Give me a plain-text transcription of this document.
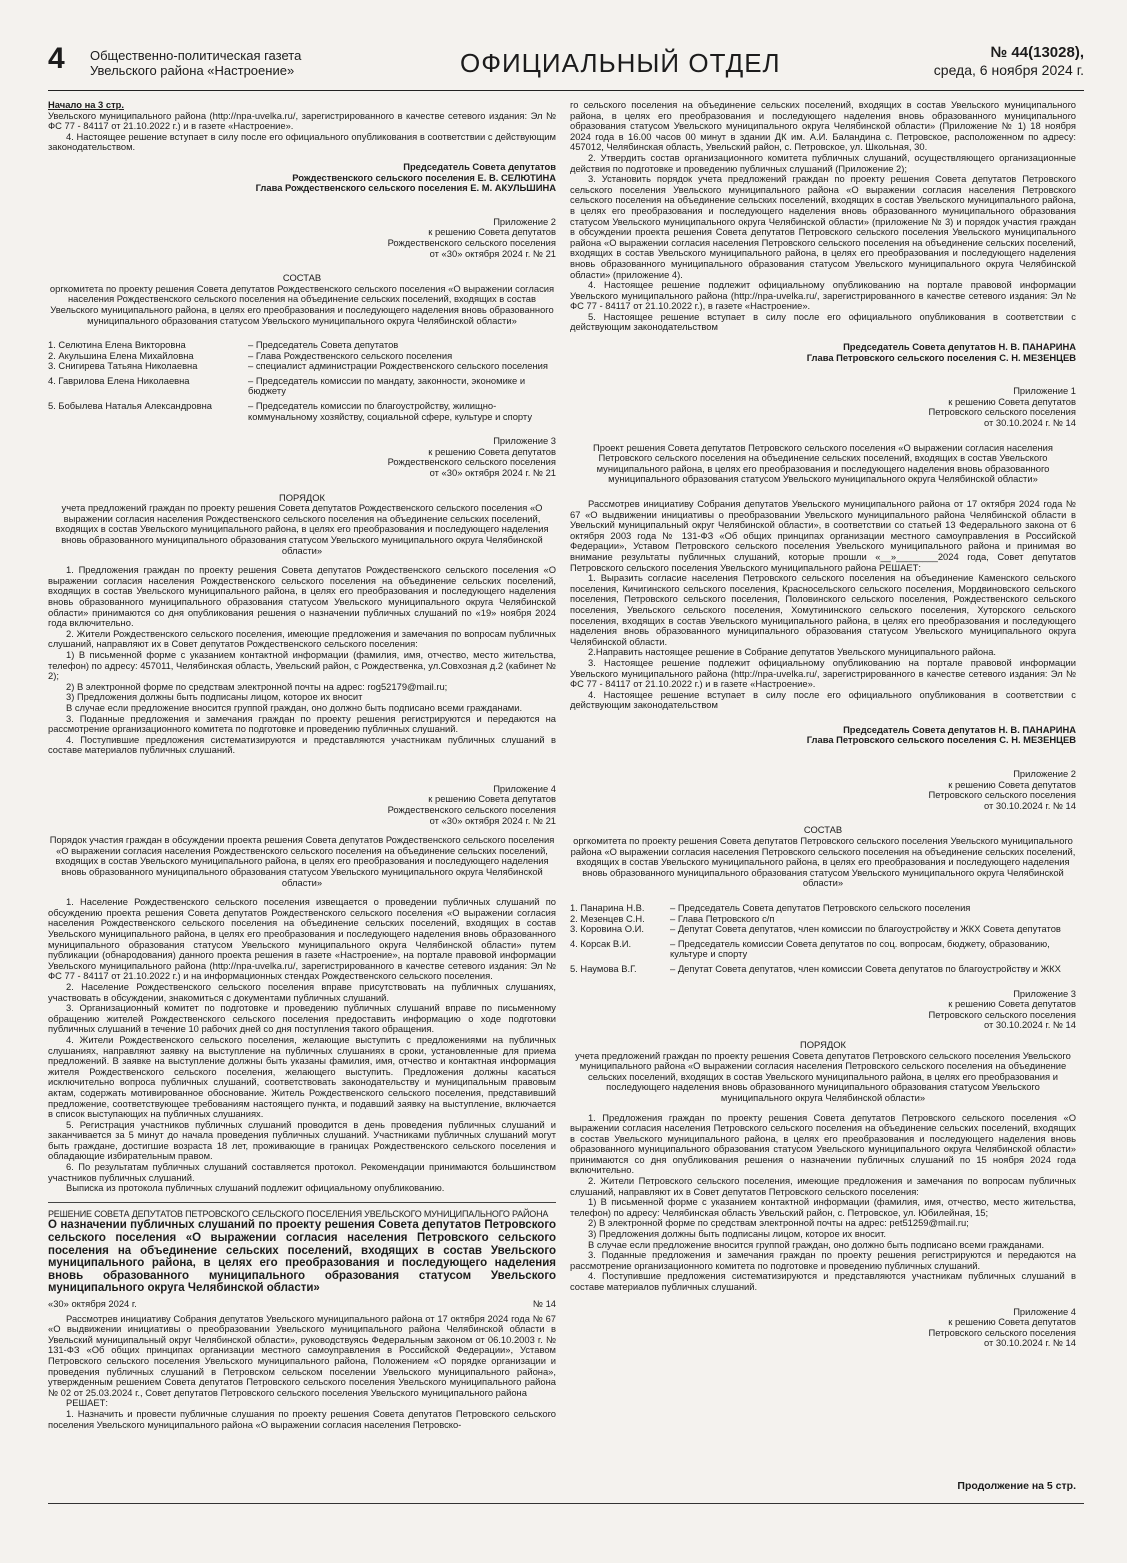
4 Общественно-политическая газета
Увельского района «Настроение»	ОФИЦИАЛЬНЫЙ ОТДЕЛ	№ 44(13028),
среда, 6 ноября 2024 г.

Начало на 3 стр.

Увельского муниципального района (http://npa-uvelka.ru/, зарегистрированного в качестве сетевого издания: Эл № ФС 77 - 84117 от 21.10.2022 г.) и в газете «Настроение».

4. Настоящее решение вступает в силу после его официального опубликования в соответствии с действующим законодательством.

Председатель Совета депутатов

Рождественского сельского поселения Е. В. СЕЛЮТИНА

Глава Рождественского сельского поселения Е. М. АКУЛЬШИНА

Приложение 2

к решению Совета депутатов

Рождественского сельского поселения

от «30» октября 2024 г. № 21

СОСТАВ

оргкомитета по проекту решения Совета депутатов Рождественского сельского поселения «О выражении согласия населения Рождественского сельского поселения на объединение сельских поселений, входящих в состав Увельского муниципального района, в целях его преобразования и последующего наделения вновь образованного муниципального образования статусом Увельского муниципального округа Челябинской области»

1. Селютина Елена Викторовна	– Председатель Совета депутатов
2. Акульшина Елена Михайловна	– Глава Рождественского сельского поселения
3. Снигирева Татьяна Николаевна	– специалист администрации Рождественского сельского поселения
4. Гаврилова Елена Николаевна	– Председатель комиссии по мандату, законности, экономике и бюджету
5. Бобылева Наталья Александровна	– Председатель комиссии по благоустройству, жилищно-коммунальному хозяйству, социальной сфере, культуре и спорту

Приложение 3

к решению Совета депутатов

Рождественского сельского поселения

от «30» октября 2024 г. № 21

ПОРЯДОК

учета предложений граждан по проекту решения Совета депутатов Рождественского сельского поселения «О выражении согласия населения Рождественского сельского поселения на объединение сельских поселений, входящих в состав Увельского муниципального района, в целях его преобразования и последующего наделения вновь образованного муниципального образования статусом Увельского муниципального округа Челябинской области»

1. Предложения граждан по проекту решения Совета депутатов Рождественского сельского поселения «О выражении согласия населения Рождественского сельского поселения на объединение сельских поселений, входящих в состав Увельского муниципального района, в целях его преобразования и последующего наделения вновь образованного муниципального образования статусом Увельского муниципального округа Челябинской области» принимаются со дня опубликования решения о назначении публичных слушаний по «19» ноября 2024 года включительно.

2. Жители Рождественского сельского поселения, имеющие предложения и замечания по вопросам публичных слушаний, направляют их в Совет депутатов Рождественского сельского поселения:

1) В письменной форме с указанием контактной информации (фамилия, имя, отчество, место жительства, телефон) по адресу: 457011, Челябинская область, Увельский район, с Рождественка, ул.Совхозная д.2 (кабинет № 2);

2) В электронной форме по средствам электронной почты на адрес: rog52179@mail.ru;

3) Предложения должны быть подписаны лицом, которое их вносит

В случае если предложение вносится группой граждан, оно должно быть подписано всеми гражданами.

3. Поданные предложения и замечания граждан по проекту решения регистрируются и передаются на рассмотрение организационного комитета по подготовке и проведению публичных слушаний.

4. Поступившие предложения систематизируются и представляются участникам публичных слушаний в составе материалов публичных слушаний.

Приложение 4

к решению Совета депутатов

Рождественского сельского поселения

от «30» октября 2024 г. № 21

Порядок участия граждан в обсуждении проекта решения Совета депутатов Рождественского сельского поселения «О выражении согласия населения Рождественского сельского поселения на объединение сельских поселений, входящих в состав Увельского муниципального района, в целях его преобразования и последующего наделения вновь образованного муниципального образования статусом Увельского муниципального округа Челябинской области»

1. Население Рождественского сельского поселения извещается о проведении публичных слушаний по обсуждению проекта решения Совета депутатов Рождественского сельского поселения «О выражении согласия населения Рождественского сельского поселения на объединение сельских поселений, входящих в состав Увельского муниципального района, в целях его преобразования и последующего наделения вновь образованного муниципального образования статусом Увельского муниципального округа Челябинской области» путем публикации (обнародования) данного проекта решения в газете «Настроение», на портале правовой информации Увельского муниципального района (http://npa-uvelka.ru/, зарегистрированного в качестве сетевого издания: Эл № ФС 77 - 84117 от 21.10.2022 г.) и на информационных стендах Рождественского сельского поселения.

2. Население Рождественского сельского поселения вправе присутствовать на публичных слушаниях, участвовать в обсуждении, знакомиться с документами публичных слушаний.

3. Организационный комитет по подготовке и проведению публичных слушаний вправе по письменному обращению жителей Рождественского сельского поселения предоставить информацию о ходе подготовки публичных слушаний в течение 10 рабочих дней со дня поступления такого обращения.

4. Жители Рождественского сельского поселения, желающие выступить с предложениями на публичных слушаниях, направляют заявку на выступление на публичных слушаниях в сроки, установленные для приема предложений. В заявке на выступление должны быть указаны фамилия, имя, отчество и контактная информация жителя Рождественского сельского поселения, желающего выступить. Предложения должны касаться исключительно вопроса публичных слушаний, соответствовать законодательству и муниципальным правовым актам, содержать мотивированное обоснование. Житель Рождественского сельского поселения, представивший предложение, соответствующее требованиям настоящего пункта, и подавший заявку на выступление, включается в список выступающих на публичных слушаниях.

5. Регистрация участников публичных слушаний проводится в день проведения публичных слушаний и заканчивается за 5 минут до начала проведения публичных слушаний. Участниками публичных слушаний могут быть граждане, достигшие возраста 18 лет, проживающие в границах Рождественского сельского поселения и обладающие избирательным правом.

6. По результатам публичных слушаний составляется протокол. Рекомендации принимаются большинством участников публичных слушаний.

Выписка из протокола публичных слушаний подлежит официальному опубликованию.

РЕШЕНИЕ СОВЕТА ДЕПУТАТОВ ПЕТРОВСКОГО СЕЛЬСКОГО ПОСЕЛЕНИЯ УВЕЛЬСКОГО МУНИЦИПАЛЬНОГО РАЙОНА

О назначении публичных слушаний по проекту решения Совета депутатов Петровского сельского поселения «О выражении согласия населения Петровского сельского поселения на объединение сельских поселений, входящих в состав Увельского муниципального района, в целях его преобразования и последующего наделения вновь образованного муниципального образования статусом Увельского муниципального округа Челябинской области»

«30» октября 2024 г.	№ 14

Рассмотрев инициативу Собрания депутатов Увельского муниципального района от 17 октября 2024 года № 67 «О выдвижении инициативы о преобразовании Увельского муниципального района Челябинской области в Увельский муниципальный округ Челябинской области», руководствуясь Федеральным законом от 06.10.2003 г. № 131-ФЗ «Об общих принципах организации местного самоуправления в Российской Федерации», Уставом Петровского сельского поселения Увельского муниципального района, Положением «О порядке организации и проведения публичных слушаний в Петровском сельском поселении Увельского муниципального района», утвержденным решением Совета депутатов Петровского сельского поселения Увельского муниципального района № 02 от 25.03.2024 г., Совет депутатов Петровского сельского поселения Увельского муниципального района

РЕШАЕТ:

1. Назначить и провести публичные слушания по проекту решения Совета депутатов Петровского сельского поселения Увельского муниципального района «О выражении согласия населения Петровско-

го сельского поселения на объединение сельских поселений, входящих в состав Увельского муниципального района, в целях его преобразования и последующего наделения вновь образованного муниципального образования статусом Увельского муниципального округа Челябинской области» (Приложение № 1) 18 ноября 2024 года в 16.00 часов 00 минут в здании ДК им. А.И. Баландина с. Петровское, расположенном по адресу: 457012, Челябинская область, Увельский район, с. Петровское, ул. Школьная, 30.

2. Утвердить состав организационного комитета публичных слушаний, осуществляющего организационные действия по подготовке и проведению публичных слушаний (Приложение 2);

3. Установить порядок учета предложений граждан по проекту решения Совета депутатов Петровского сельского поселения Увельского муниципального района «О выражении согласия населения Петровского сельского поселения на объединение сельских поселений, входящих в состав Увельского муниципального района, в целях его преобразования и последующего наделения вновь образованного муниципального образования статусом Увельского муниципального округа Челябинской области» (приложение № 3) и порядок участия граждан в обсуждении проекта решения Совета депутатов Петровского сельского поселения Увельского муниципального района «О выражении согласия населения Петровского сельского поселения на объединение сельских поселений, входящих в состав Увельского муниципального района, в целях его преобразования и последующего наделения вновь образованного муниципального образования статусом Увельского муниципального округа Челябинской области» (приложение 4).

4. Настоящее решение подлежит официальному опубликованию на портале правовой информации Увельского муниципального района (http://npa-uvelka.ru/, зарегистрированного в качестве сетевого издания: Эл № ФС 77 - 84117 от 21.10.2022 г.), в газете «Настроение».

5. Настоящее решение вступает в силу после его официального опубликования в соответствии с действующим законодательством

Председатель Совета депутатов Н. В. ПАНАРИНА

Глава Петровского сельского поселения С. Н. МЕЗЕНЦЕВ

Приложение 1

к решению Совета депутатов

Петровского сельского поселения

от 30.10.2024 г. № 14

Проект решения Совета депутатов Петровского сельского поселения «О выражении согласия населения Петровского сельского поселения на объединение сельских поселений, входящих в состав Увельского муниципального района, в целях его преобразования и последующего наделения вновь образованного муниципального образования статусом Увельского муниципального округа Челябинской области»

Рассмотрев инициативу Собрания депутатов Увельского муниципального района от 17 октября 2024 года № 67 «О выдвижении инициативы о преобразовании Увельского муниципального района Челябинской области в Увельский муниципальный округ Челябинской области», в соответствии со статьей 13 Федерального закона от 6 октября 2003 года № 131-ФЗ «Об общих принципах организации местного самоуправления в Российской Федерации», Уставом Петровского сельского поселения Увельского муниципального района и принимая во внимание результаты публичных слушаний, которые прошли «__»________2024 года, Совет депутатов Петровского сельского поселения Увельского муниципального района РЕШАЕТ:

1. Выразить согласие населения Петровского сельского поселения на объединение Каменского сельского поселения, Кичигинского сельского поселения, Красносельского сельского поселения, Мордвиновского сельского поселения, Петровского сельского поселения, Половинского сельского поселения, Рождественского сельского поселения, Увельского сельского поселения, Хомутининского сельского поселения, Хуторского сельского поселения, входящих в состав Увельского муниципального района, в целях его преобразования и последующего наделения вновь образованного муниципального образования статусом Увельского муниципального округа Челябинской области.

2.Направить настоящее решение в Собрание депутатов Увельского муниципального района.

3. Настоящее решение подлежит официальному опубликованию на портале правовой информации Увельского муниципального района (http://npa-uvelka.ru/, зарегистрированного в качестве сетевого издания: Эл № ФС 77 - 84117 от 21.10.2022 г.) и в газете «Настроение».

4. Настоящее решение вступает в силу после его официального опубликования в соответствии с действующим законодательством

Председатель Совета депутатов Н. В. ПАНАРИНА

Глава Петровского сельского поселения С. Н. МЕЗЕНЦЕВ

Приложение 2

к решению Совета депутатов

Петровского сельского поселения

от 30.10.2024 г. № 14

СОСТАВ

оргкомитета по проекту решения Совета депутатов Петровского сельского поселения Увельского муниципального района «О выражении согласия населения Петровского сельского поселения на объединение сельских поселений, входящих в состав Увельского муниципального района, в целях его преобразования и последующего наделения вновь образованного муниципального образования статусом Увельского муниципального округа Челябинской области»

1. Панарина Н.В.	– Председатель Совета депутатов Петровского сельского поселения
2. Мезенцев С.Н.	– Глава Петровского с/п
3. Коровина О.И.	– Депутат Совета депутатов, член комиссии по благоустройству и ЖКХ Совета депутатов
4. Корсак В.И.	– Председатель комиссии Совета депутатов по соц. вопросам, бюджету, образованию, культуре и спорту
5. Наумова В.Г.	– Депутат Совета депутатов, член комиссии Совета депутатов по благоустройству и ЖКХ

Приложение 3

к решению Совета депутатов

Петровского сельского поселения

от 30.10.2024 г. № 14

ПОРЯДОК

учета предложений граждан по проекту решения Совета депутатов Петровского сельского поселения Увельского муниципального района «О выражении согласия населения Петровского сельского поселения на объединение сельских поселений, входящих в состав Увельского муниципального района, в целях его преобразования и последующего наделения вновь образованного муниципального образования статусом Увельского муниципального округа Челябинской области»

1. Предложения граждан по проекту решения Совета депутатов Петровского сельского поселения «О выражении согласия населения Петровского сельского поселения на объединение сельских поселений, входящих в состав Увельского муниципального района, в целях его преобразования и последующего наделения вновь образованного муниципального образования статусом Увельского муниципального округа Челябинской области» принимаются со дня опубликования решения о назначении публичных слушаний по 15 ноября 2024 года включительно.

2. Жители Петровского сельского поселения, имеющие предложения и замечания по вопросам публичных слушаний, направляют их в Совет депутатов Петровского сельского поселения:

1) В письменной форме с указанием контактной информации (фамилия, имя, отчество, место жительства, телефон) по адресу: Челябинская область Увельский район, с. Петровское, ул. Юбилейная, 15;

2) В электронной форме по средствам электронной почты на адрес: pet51259@mail.ru;

3) Предложения должны быть подписаны лицом, которое их вносит.

В случае если предложение вносится группой граждан, оно должно быть подписано всеми гражданами.

3. Поданные предложения и замечания граждан по проекту решения регистрируются и передаются на рассмотрение организационного комитета по подготовке и проведению публичных слушаний.

4. Поступившие предложения систематизируются и представляются участникам публичных слушаний в составе материалов публичных слушаний.

Приложение 4

к решению Совета депутатов

Петровского сельского поселения

от 30.10.2024 г. № 14

Продолжение на 5 стр.
